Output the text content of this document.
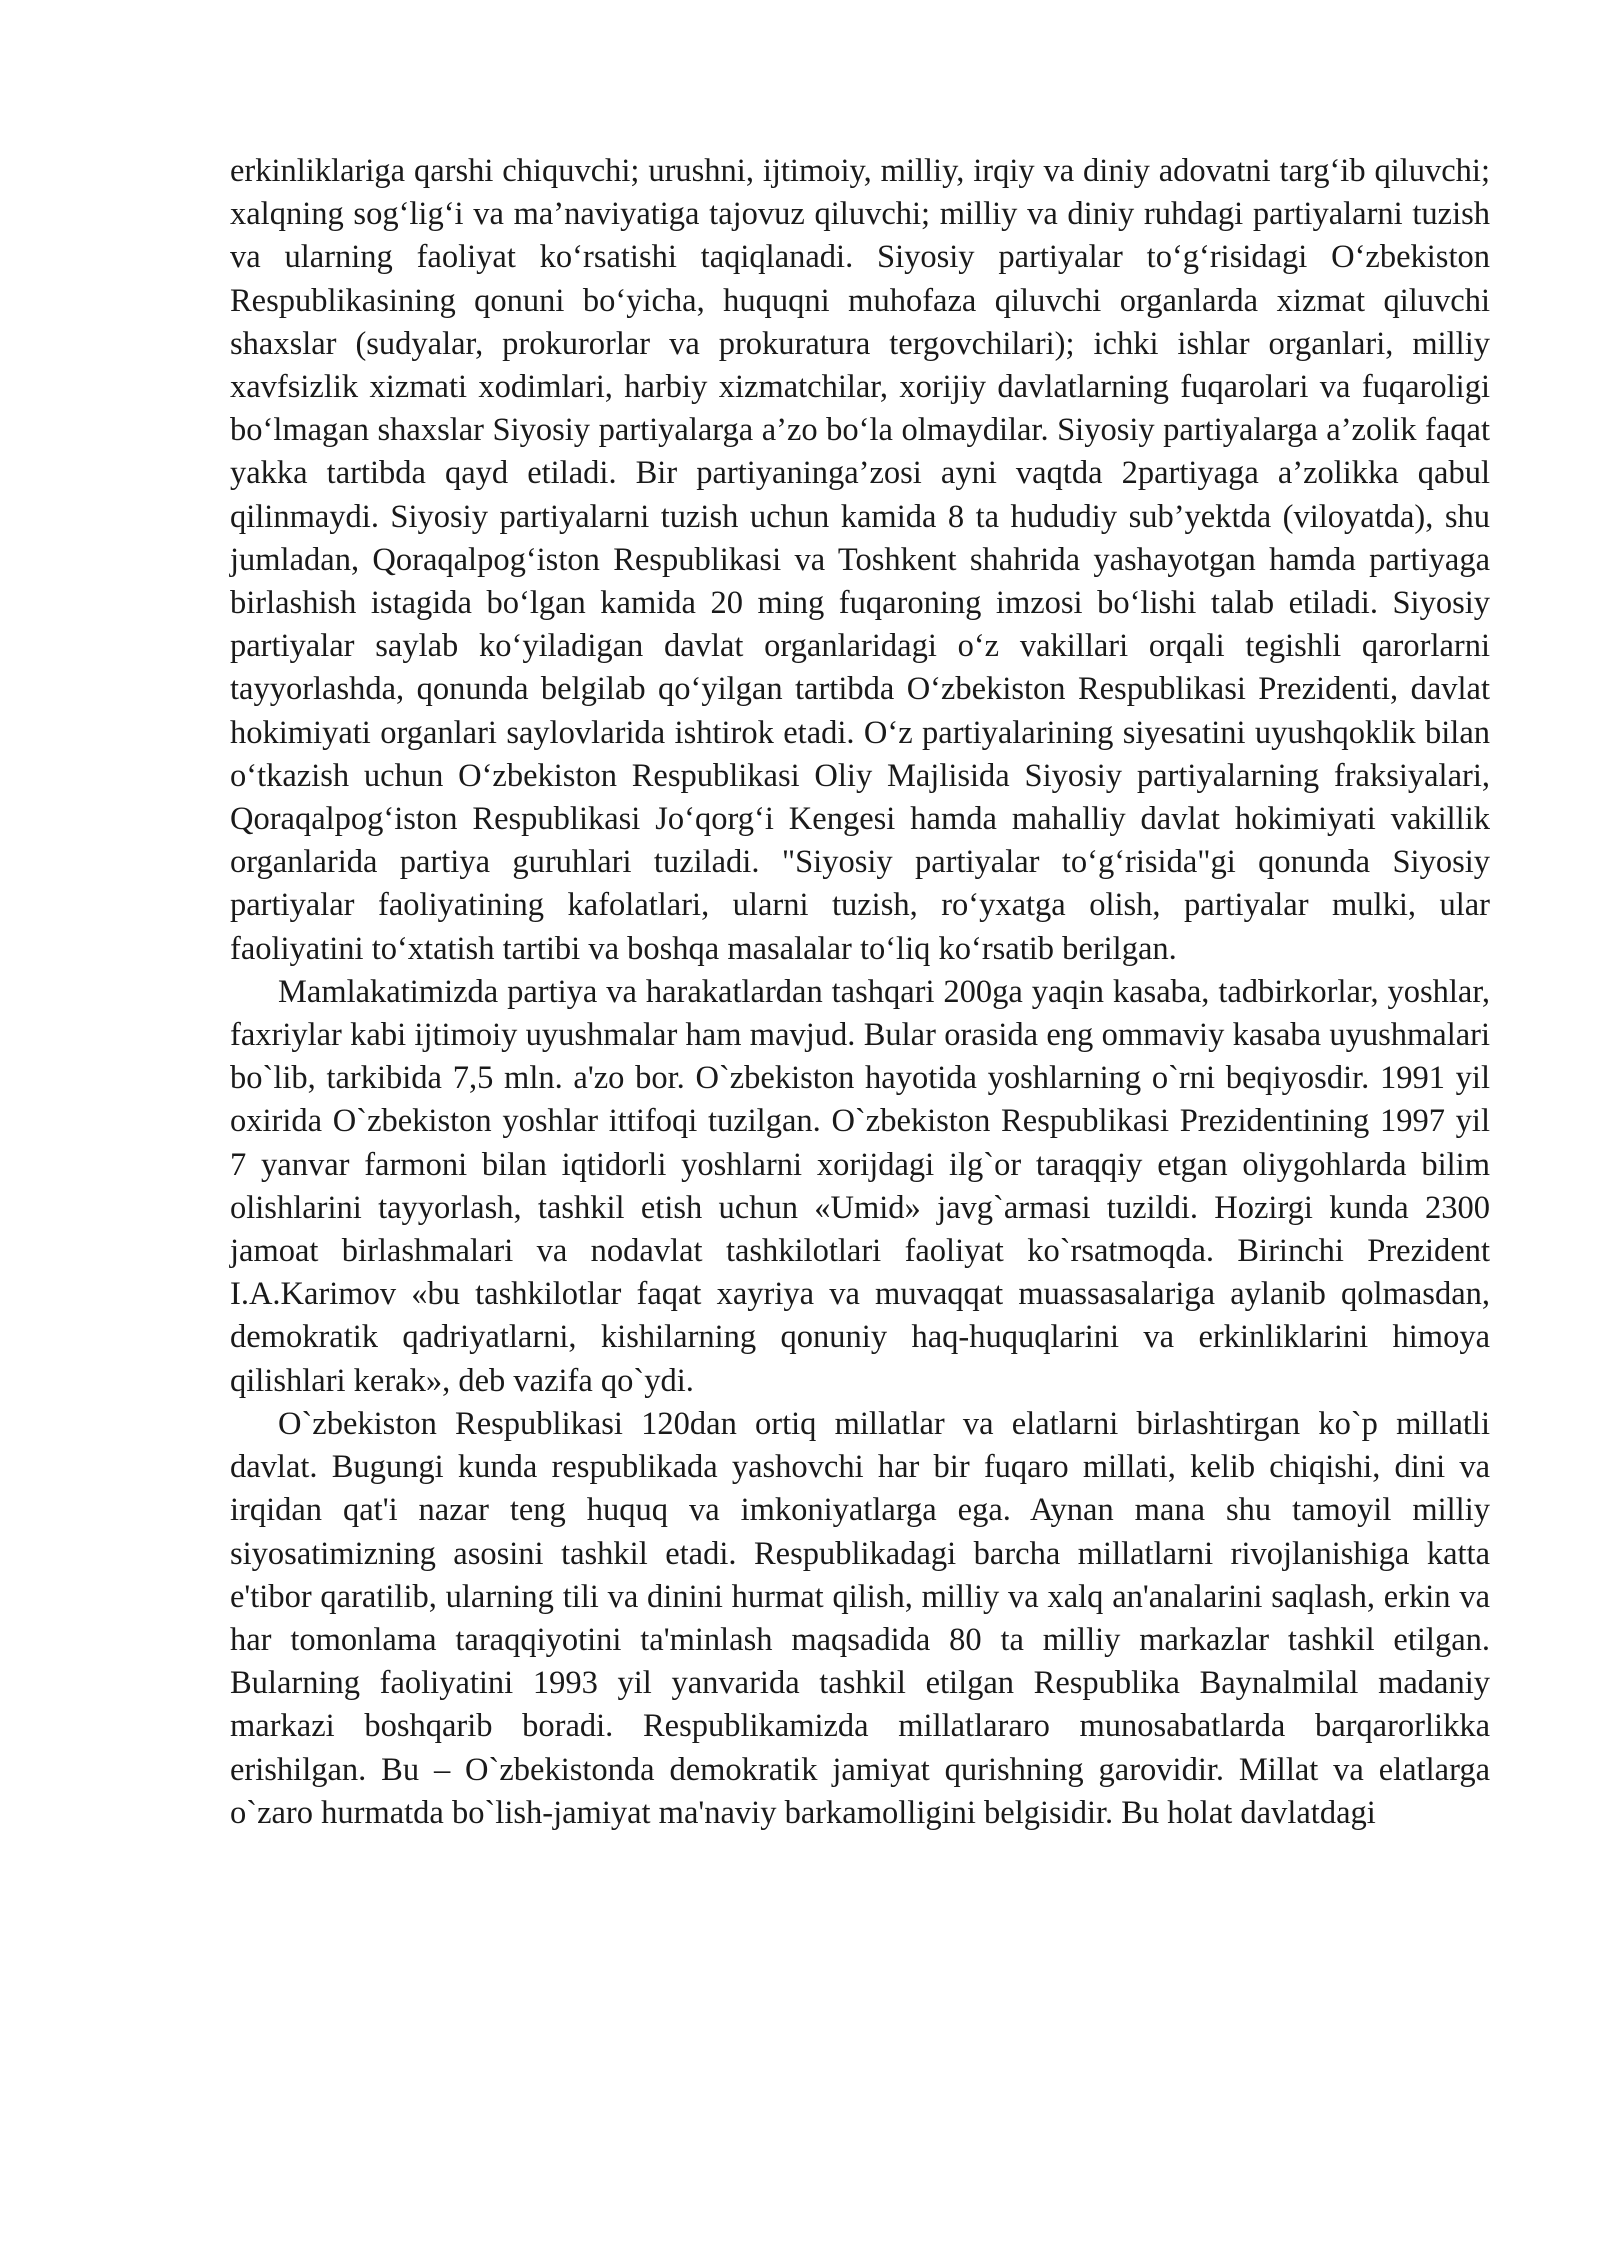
erkinliklariga qarshi chiquvchi; urushni, ijtimoiy, milliy, irqiy va diniy adovatni targ‘ib qiluvchi; xalqning sog‘lig‘i va ma’naviyatiga tajovuz qiluvchi; milliy va diniy ruhdagi partiyalarni tuzish va ularning faoliyat ko‘rsatishi taqiqlanadi. Siyosiy partiyalar to‘g‘risidagi O‘zbekiston Respublikasining qonuni bo‘yicha, huquqni muhofaza qiluvchi organlarda xizmat qiluvchi shaxslar (sudyalar, prokurorlar va prokuratura tergovchilari); ichki ishlar organlari, milliy xavfsizlik xizmati xodimlari, harbiy xizmatchilar, xorijiy davlatlarning fuqarolari va fuqaroligi bo‘lmagan shaxslar Siyosiy partiyalarga a’zo bo‘la olmaydilar. Siyosiy partiyalarga a’zolik faqat yakka tartibda qayd etiladi. Bir partiyaninga’zosi ayni vaqtda 2partiyaga a’zolikka qabul qilinmaydi. Siyosiy partiyalarni tuzish uchun kamida 8 ta hududiy sub’yektda (viloyatda), shu jumladan, Qoraqalpog‘iston Respublikasi va Toshkent shahrida yashayotgan hamda partiyaga birlashish istagida bo‘lgan kamida 20 ming fuqaroning imzosi bo‘lishi talab etiladi. Siyosiy partiyalar saylab ko‘yiladigan davlat organlaridagi o‘z vakillari orqali tegishli qarorlarni tayyorlashda, qonunda belgilab qo‘yilgan tartibda O‘zbekiston Respublikasi Prezidenti, davlat hokimiyati organlari saylovlarida ishtirok etadi. O‘z partiyalarining siyesatini uyushqoklik bilan o‘tkazish uchun O‘zbekiston Respublikasi Oliy Majlisida Siyosiy partiyalarning fraksiyalari, Qoraqalpog‘iston Respublikasi Jo‘qorg‘i Kengesi hamda mahalliy davlat hokimiyati vakillik organlarida partiya guruhlari tuziladi. "Siyosiy partiyalar to‘g‘risida"gi qonunda Siyosiy partiyalar faoliyatining kafolatlari, ularni tuzish, ro‘yxatga olish, partiyalar mulki, ular faoliyatini to‘xtatish tartibi va boshqa masalalar to‘liq ko‘rsatib berilgan.

Mamlakatimizda partiya va harakatlardan tashqari 200ga yaqin kasaba, tadbirkorlar, yoshlar, faxriylar kabi ijtimoiy uyushmalar ham mavjud. Bular orasida eng ommaviy kasaba uyushmalari bo`lib, tarkibida 7,5 mln. a'zo bor. O`zbekiston hayotida yoshlarning o`rni beqiyosdir. 1991 yil oxirida O`zbekiston yoshlar ittifoqi tuzilgan. O`zbekiston Respublikasi Prezidentining 1997 yil 7 yanvar farmoni bilan iqtidorli yoshlarni xorijdagi ilg`or taraqqiy etgan oliygohlarda bilim olishlarini tayyorlash, tashkil etish uchun «Umid» javg`armasi tuzildi. Hozirgi kunda 2300 jamoat birlashmalari va nodavlat tashkilotlari faoliyat ko`rsatmoqda. Birinchi Prezident I.A.Karimov «bu tashkilotlar faqat xayriya va muvaqqat muassasalariga aylanib qolmasdan, demokratik qadriyatlarni, kishilarning qonuniy haq-huquqlarini va erkinliklarini himoya qilishlari kerak», deb vazifa qo`ydi.

O`zbekiston Respublikasi 120dan ortiq millatlar va elatlarni birlashtirgan ko`p millatli davlat. Bugungi kunda respublikada yashovchi har bir fuqaro millati, kelib chiqishi, dini va irqidan qat'i nazar teng huquq va imkoniyatlarga ega. Aynan mana shu tamoyil milliy siyosatimizning asosini tashkil etadi. Respublikadagi barcha millatlarni rivojlanishiga katta e'tibor qaratilib, ularning tili va dinini hurmat qilish, milliy va xalq an'analarini saqlash, erkin va har tomonlama taraqqiyotini ta'minlash maqsadida 80 ta milliy markazlar tashkil etilgan. Bularning faoliyatini 1993 yil yanvarida tashkil etilgan Respublika Baynalmilal madaniy markazi boshqarib boradi. Respublikamizda millatlararo munosabatlarda barqarorlikka erishilgan. Bu – O`zbekistonda demokratik jamiyat qurishning garovidir. Millat va elatlarga o`zaro hurmatda bo`lish-jamiyat ma'naviy barkamolligini belgisidir. Bu holat davlatdagi
